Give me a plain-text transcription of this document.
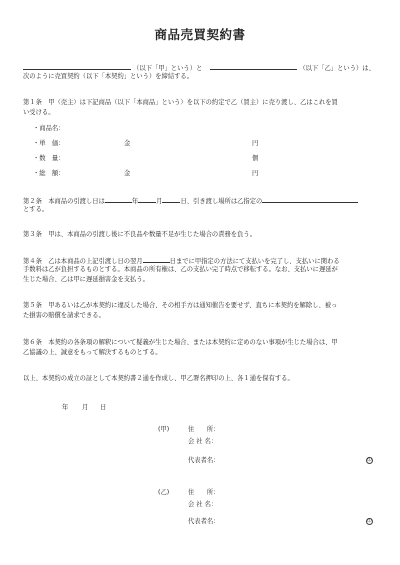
商品売買契約書
（以下「甲」という）と	（以下「乙」という）は、
次のように売買契約（以下「本契約」という）を締結する。
第１条　甲（売主）は下記商品（以下「本商品」という）を以下の約定で乙（買主）に売り渡し、乙はこれを買
い受ける。
・商品名：
・単　価：	金	円
・数　量：	個
・総　額：	金	円
第２条　本商品の引渡し日は	年	月	日、引き渡し場所は乙指定の
とする。
第３条　甲は、本商品の引渡し後に不良品や数量不足が生じた場合の責務を負う。
第４条　乙は本商品の上記引渡し日の翌月	日までに甲指定の方法にて支払いを完了し、支払いに関わる
手数料は乙が負担するものとする。本商品の所有権は、乙の支払い完了時点で移転する。なお、支払いに遅延が
生じた場合、乙は甲に遅延損害金を支払う。
第５条　甲あるいは乙が本契約に違反した場合、その相手方は通知催告を要せず、直ちに本契約を解除し、被っ
た損害の賠償を請求できる。
第６条　本契約の各条項の解釈について疑義が生じた場合、または本契約に定めのない事項が生じた場合は、甲
乙協議の上、誠意をもって解決するものとする。
以上、本契約の成立の証として本契約書２通を作成し、甲乙署名押印の上、各１通を保有する。
年 月 日
(甲)	住　　所：
会 社 名：
代表者名：	印
(乙)	住　　所：
会 社 名：
代表者名：	印
